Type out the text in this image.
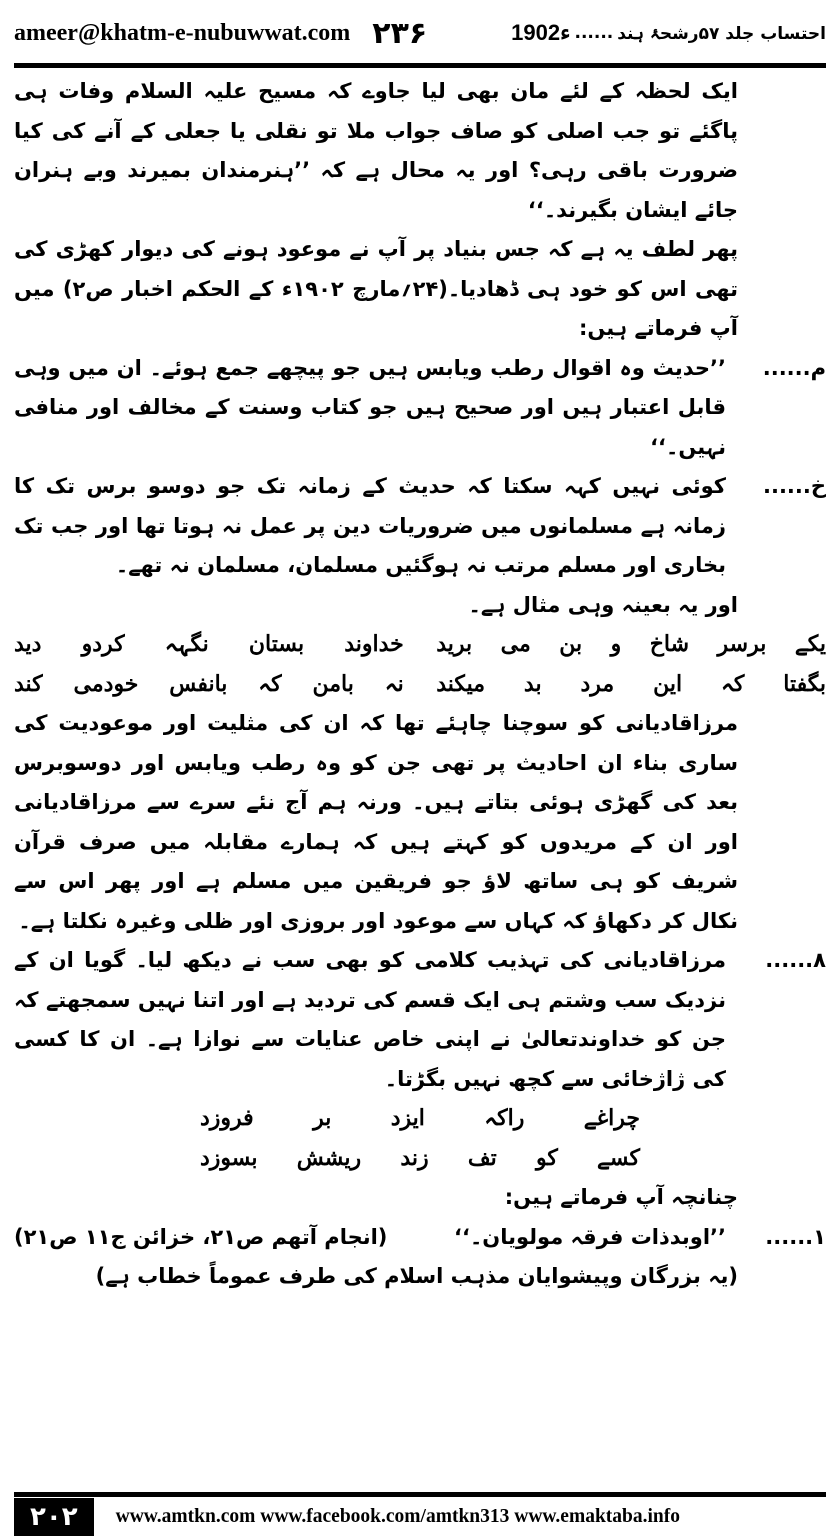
ameer@khatm-e-nubuwwat.com ۲۳۶	احتساب جلد ۵۷رشحۂ ہند
......
1902ء

ایک لحظہ کے لئے مان بھی لیا جاوے کہ مسیح علیہ السلام وفات ہی پاگئے تو جب اصلی کو صاف جواب ملا تو نقلی یا جعلی کے آنے کی کیا ضرورت باقی رہی؟ اور یہ محال ہے کہ ’’ہنرمندان بمیرند وبے ہنران جائے ایشان بگیرند۔‘‘

پھر لطف یہ ہے کہ جس بنیاد پر آپ نے موعود ہونے کی دیوار کھڑی کی تھی اس کو خود ہی ڈھادیا۔(۲۴؍مارچ ۱۹۰۲ء کے الحکم اخبار ص۲) میں آپ فرماتے ہیں:

م......
’’حدیث وہ اقوال رطب ویابس ہیں جو پیچھے جمع ہوئے۔ ان میں وہی قابل اعتبار ہیں اور صحیح ہیں جو کتاب وسنت کے مخالف اور منافی نہیں۔‘‘
خ......
کوئی نہیں کہہ سکتا کہ حدیث کے زمانہ تک جو دوسو برس تک کا زمانہ ہے مسلمانوں میں ضروریات دین پر عمل نہ ہوتا تھا اور جب تک بخاری اور مسلم مرتب نہ ہوگئیں مسلمان، مسلمان نہ تھے۔

اور یہ بعینہ وہی مثال ہے۔

یکے برسر شاخ و بن می برید
خداوند بستان نگہہ کردو دید
بگفتا کہ این مرد بد میکند
نہ بامن کہ بانفس خودمی کند

مرزاقادیانی کو سوچنا چاہئے تھا کہ ان کی مثلیت اور موعودیت کی ساری بناء ان احادیث پر تھی جن کو وہ رطب ویابس اور دوسوبرس بعد کی گھڑی ہوئی بتاتے ہیں۔ ورنہ ہم آج نئے سرے سے مرزاقادیانی اور ان کے مریدوں کو کہتے ہیں کہ ہمارے مقابلہ میں صرف قرآن شریف کو ہی ساتھ لاؤ جو فریقین میں مسلم ہے اور پھر اس سے نکال کر دکھاؤ کہ کہاں سے موعود اور بروزی اور ظلی وغیرہ نکلتا ہے۔

۸......
مرزاقادیانی کی تہذیب کلامی کو بھی سب نے دیکھ لیا۔ گویا ان کے نزدیک سب وشتم ہی ایک قسم کی تردید ہے اور اتنا نہیں سمجھتے کہ جن کو خداوندتعالیٰ نے اپنی خاص عنایات سے نوازا ہے۔ ان کا کسی کی ژاژخائی سے کچھ نہیں بگڑتا۔
چراغے راکہ ایزد بر فروزد
کسے کو تف زند ریشش بسوزد

چنانچہ آپ فرماتے ہیں:

۱......
’’اوبدذات فرقہ مولویان۔‘‘
(انجام آتھم ص۲۱، خزائن ج۱۱ ص۲۱)

(یہ بزرگان وپیشوایان مذہب اسلام کی طرف عموماً خطاب ہے)

۲۰۲	www.amtkn.com www.facebook.com/amtkn313 www.emaktaba.info
